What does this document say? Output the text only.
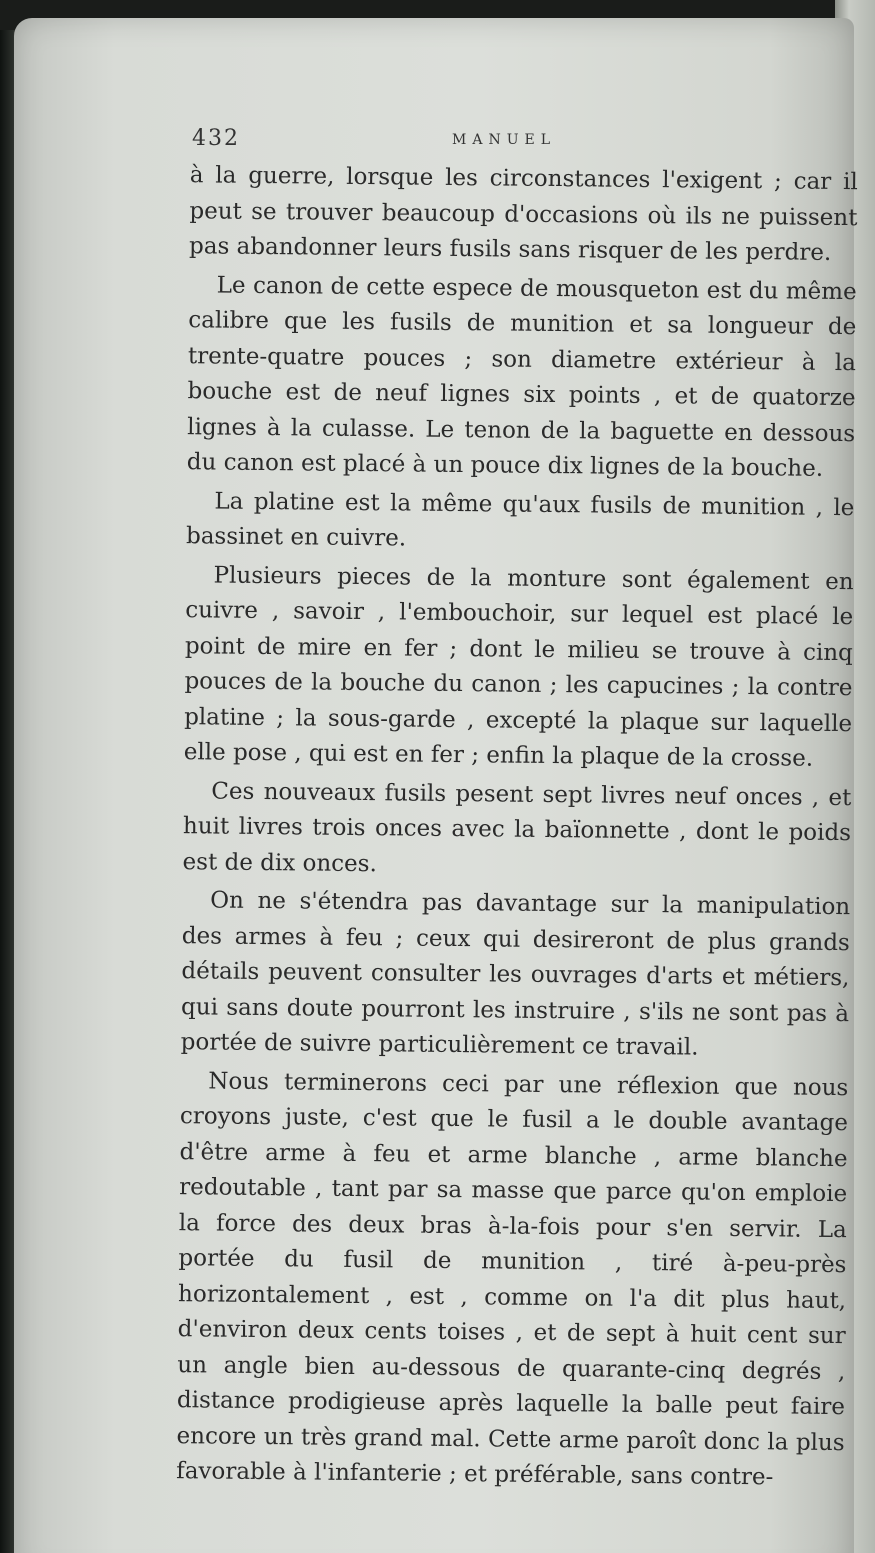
432	MANUEL

à la guerre, lorsque les circonstances l'exigent ; car il peut se trouver beaucoup d'occasions où ils ne puissent pas abandonner leurs fusils sans risquer de les perdre.

Le canon de cette espece de mousqueton est du même calibre que les fusils de munition et sa longueur de trente-quatre pouces ; son diametre extérieur à la bouche est de neuf lignes six points , et de quatorze lignes à la culasse. Le tenon de la baguette en dessous du canon est placé à un pouce dix lignes de la bouche.

La platine est la même qu'aux fusils de munition , le bassinet en cuivre.

Plusieurs pieces de la monture sont également en cuivre , savoir , l'embouchoir, sur lequel est placé le point de mire en fer ; dont le milieu se trouve à cinq pouces de la bouche du canon ; les capucines ; la contre platine ; la sous-garde , excepté la plaque sur laquelle elle pose , qui est en fer ; enfin la plaque de la crosse.

Ces nouveaux fusils pesent sept livres neuf onces , et huit livres trois onces avec la baïonnette , dont le poids est de dix onces.

On ne s'étendra pas davantage sur la manipulation des armes à feu ; ceux qui desireront de plus grands détails peuvent consulter les ouvrages d'arts et métiers, qui sans doute pourront les instruire , s'ils ne sont pas à portée de suivre particulièrement ce travail.

Nous terminerons ceci par une réflexion que nous croyons juste, c'est que le fusil a le double avantage d'être arme à feu et arme blanche , arme blanche redoutable , tant par sa masse que parce qu'on emploie la force des deux bras à-la-fois pour s'en servir. La portée du fusil de munition , tiré à-peu-près horizontalement , est , comme on l'a dit plus haut, d'environ deux cents toises , et de sept à huit cent sur un angle bien au-dessous de quarante-cinq degrés , distance prodigieuse après laquelle la balle peut faire encore un très grand mal. Cette arme paroît donc la plus favorable à l'infanterie ; et préférable, sans contre-
